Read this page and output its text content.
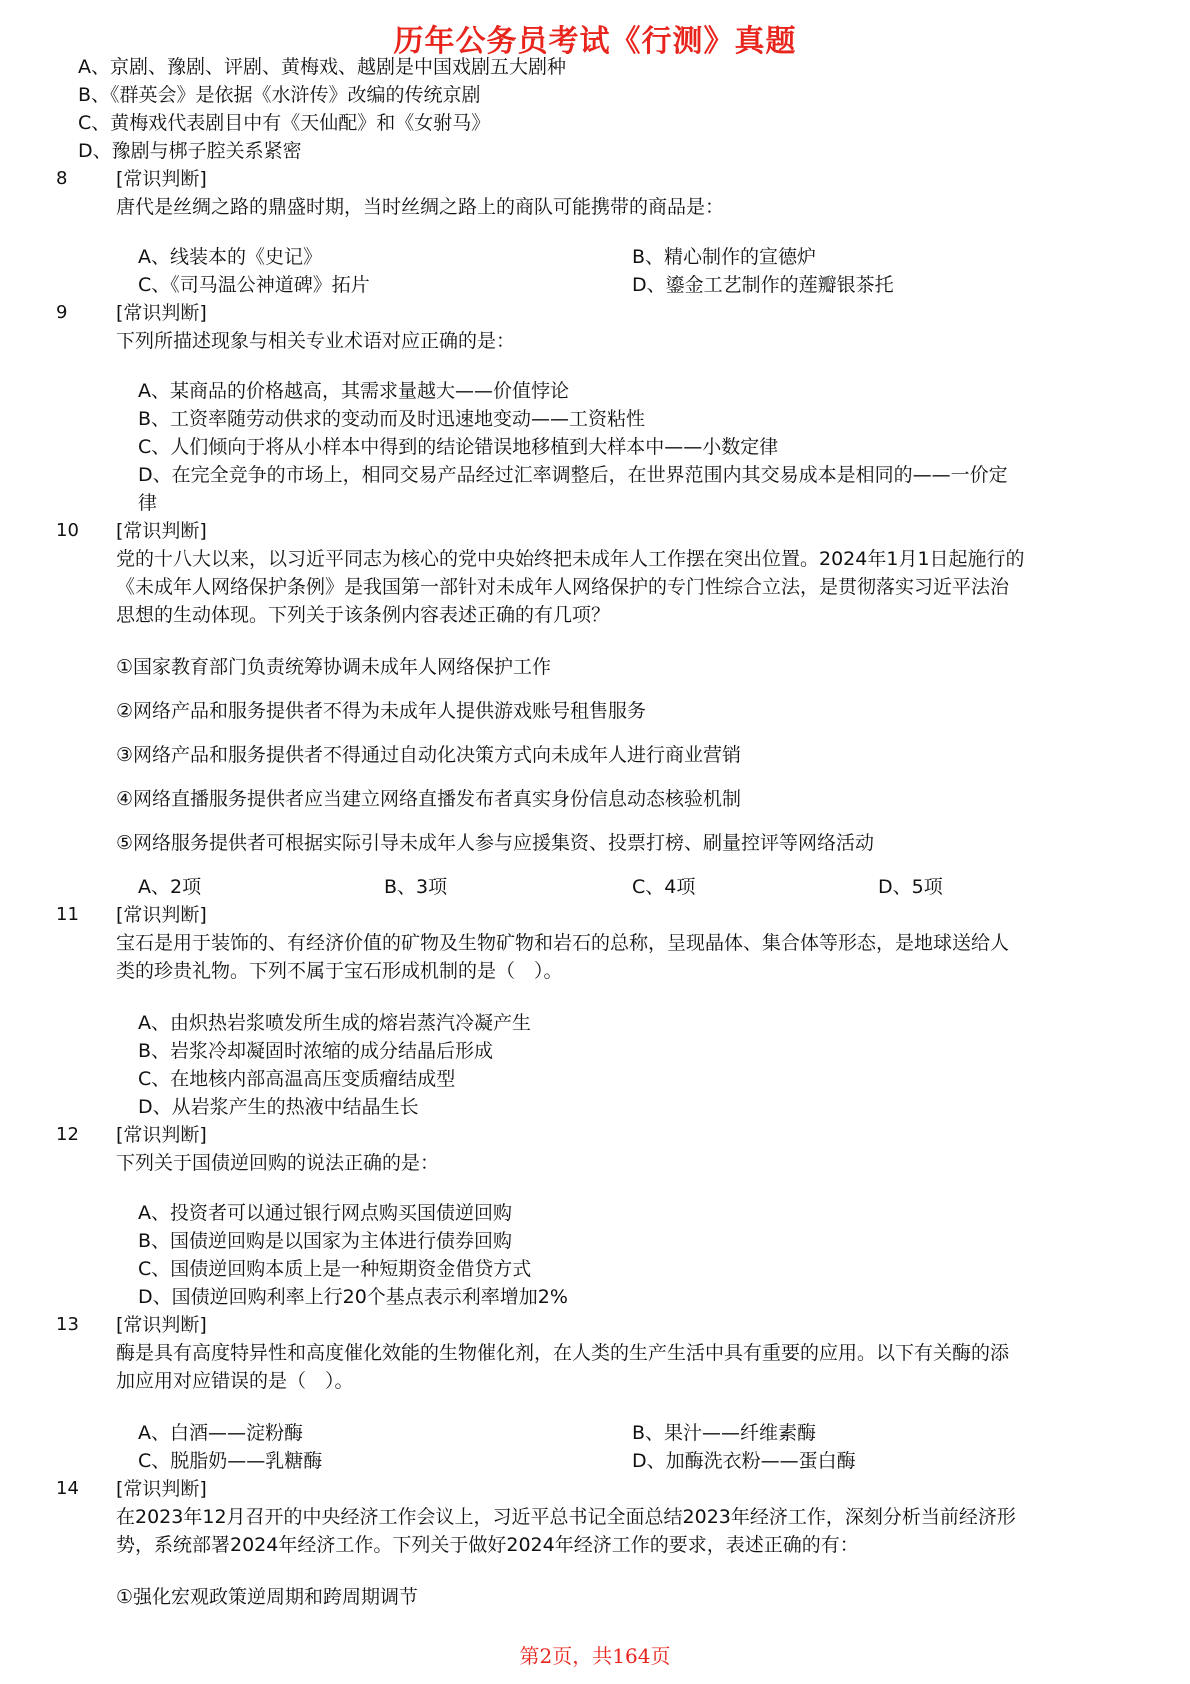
历年公务员考试《行测》真题
A、京剧、豫剧、评剧、黄梅戏、越剧是中国戏剧五大剧种
B、《群英会》是依据《水浒传》改编的传统京剧
C、黄梅戏代表剧目中有《天仙配》和《女驸马》
D、豫剧与梆子腔关系紧密
8	[常识判断]
唐代是丝绸之路的鼎盛时期，当时丝绸之路上的商队可能携带的商品是：
A、线装本的《史记》	B、精心制作的宣德炉
C、《司马温公神道碑》拓片	D、鎏金工艺制作的莲瓣银茶托
9	[常识判断]
下列所描述现象与相关专业术语对应正确的是：
A、某商品的价格越高，其需求量越大——价值悖论
B、工资率随劳动供求的变动而及时迅速地变动——工资粘性
C、人们倾向于将从小样本中得到的结论错误地移植到大样本中——小数定律
D、在完全竞争的市场上，相同交易产品经过汇率调整后，在世界范围内其交易成本是相同的——一价定
律
10 [常识判断]
党的十八大以来，以习近平同志为核心的党中央始终把未成年人工作摆在突出位置。2024年1月1日起施行的
《未成年人网络保护条例》是我国第一部针对未成年人网络保护的专门性综合立法，是贯彻落实习近平法治
思想的生动体现。下列关于该条例内容表述正确的有几项？
①国家教育部门负责统筹协调未成年人网络保护工作
②网络产品和服务提供者不得为未成年人提供游戏账号租售服务
③网络产品和服务提供者不得通过自动化决策方式向未成年人进行商业营销
④网络直播服务提供者应当建立网络直播发布者真实身份信息动态核验机制
⑤网络服务提供者可根据实际引导未成年人参与应援集资、投票打榜、刷量控评等网络活动
A、2项	B、3项	C、4项	D、5项
11 [常识判断]
宝石是用于装饰的、有经济价值的矿物及生物矿物和岩石的总称，呈现晶体、集合体等形态，是地球送给人
类的珍贵礼物。下列不属于宝石形成机制的是（　）。
A、由炽热岩浆喷发所生成的熔岩蒸汽冷凝产生
B、岩浆冷却凝固时浓缩的成分结晶后形成
C、在地核内部高温高压变质瘤结成型
D、从岩浆产生的热液中结晶生长
12 [常识判断]
下列关于国债逆回购的说法正确的是：
A、投资者可以通过银行网点购买国债逆回购
B、国债逆回购是以国家为主体进行债券回购
C、国债逆回购本质上是一种短期资金借贷方式
D、国债逆回购利率上行20个基点表示利率增加2%
13 [常识判断]
酶是具有高度特异性和高度催化效能的生物催化剂，在人类的生产生活中具有重要的应用。以下有关酶的添
加应用对应错误的是（　）。
A、白酒——淀粉酶	B、果汁——纤维素酶
C、脱脂奶——乳糖酶	D、加酶洗衣粉——蛋白酶
14 [常识判断]
在2023年12月召开的中央经济工作会议上，习近平总书记全面总结2023年经济工作，深刻分析当前经济形
势，系统部署2024年经济工作。下列关于做好2024年经济工作的要求，表述正确的有：
①强化宏观政策逆周期和跨周期调节
第2页，共164页
